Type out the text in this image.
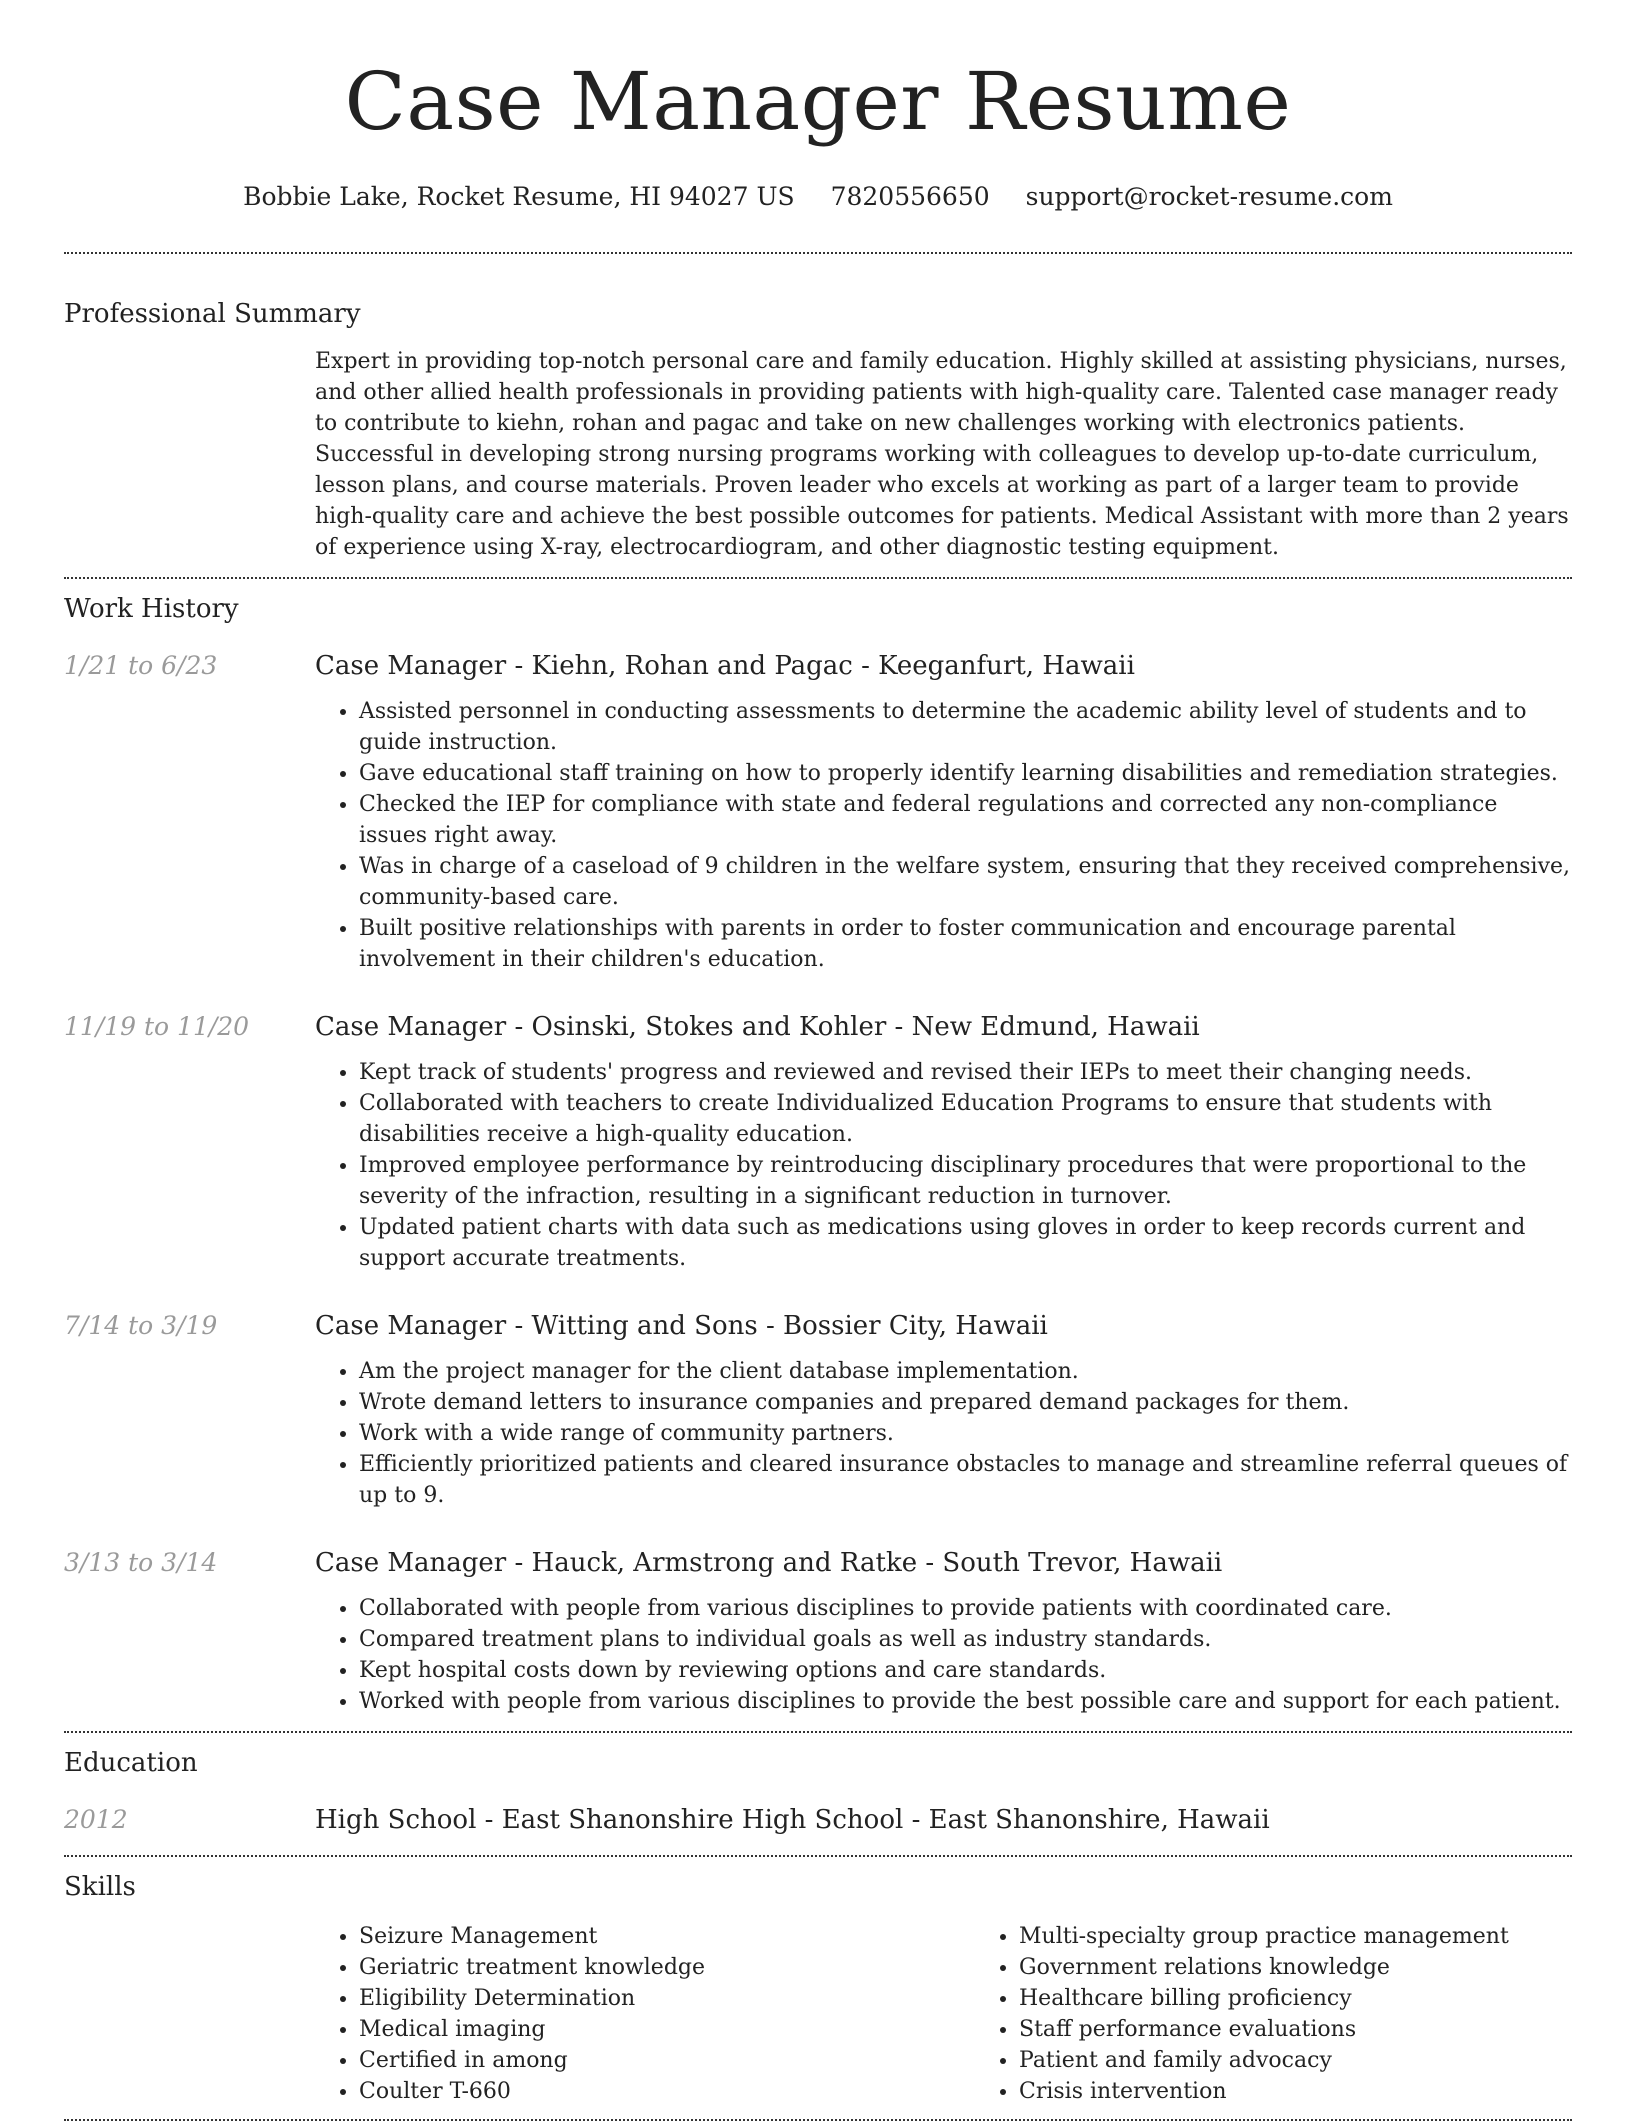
Case Manager Resume
Bobbie Lake, Rocket Resume, HI 94027 US 7820556650 support@rocket-resume.com
Professional Summary
Expert in providing top-notch personal care and family education. Highly skilled at assisting physicians, nurses, and other allied health professionals in providing patients with high-quality care. Talented case manager ready to contribute to kiehn, rohan and pagac and take on new challenges working with electronics patients. Successful in developing strong nursing programs working with colleagues to develop up-to-date curriculum, lesson plans, and course materials. Proven leader who excels at working as part of a larger team to provide high-quality care and achieve the best possible outcomes for patients. Medical Assistant with more than 2 years of experience using X-ray, electrocardiogram, and other diagnostic testing equipment.
Work History
1/21 to 6/23	Case Manager - Kiehn, Rohan and Pagac - Keeganfurt, Hawaii
• Assisted personnel in conducting assessments to determine the academic ability level of students and to guide instruction.
• Gave educational staff training on how to properly identify learning disabilities and remediation strategies.
• Checked the IEP for compliance with state and federal regulations and corrected any non-compliance issues right away.
• Was in charge of a caseload of 9 children in the welfare system, ensuring that they received comprehensive, community-based care.
• Built positive relationships with parents in order to foster communication and encourage parental involvement in their children's education.
11/19 to 11/20	Case Manager - Osinski, Stokes and Kohler - New Edmund, Hawaii
• Kept track of students' progress and reviewed and revised their IEPs to meet their changing needs.
• Collaborated with teachers to create Individualized Education Programs to ensure that students with disabilities receive a high-quality education.
• Improved employee performance by reintroducing disciplinary procedures that were proportional to the severity of the infraction, resulting in a significant reduction in turnover.
• Updated patient charts with data such as medications using gloves in order to keep records current and support accurate treatments.
7/14 to 3/19	Case Manager - Witting and Sons - Bossier City, Hawaii
• Am the project manager for the client database implementation.
• Wrote demand letters to insurance companies and prepared demand packages for them.
• Work with a wide range of community partners.
• Efficiently prioritized patients and cleared insurance obstacles to manage and streamline referral queues of up to 9.
3/13 to 3/14	Case Manager - Hauck, Armstrong and Ratke - South Trevor, Hawaii
• Collaborated with people from various disciplines to provide patients with coordinated care.
• Compared treatment plans to individual goals as well as industry standards.
• Kept hospital costs down by reviewing options and care standards.
• Worked with people from various disciplines to provide the best possible care and support for each patient.
Education
2012	High School - East Shanonshire High School - East Shanonshire, Hawaii
Skills
• Seizure Management
• Geriatric treatment knowledge
• Eligibility Determination
• Medical imaging
• Certified in among
• Coulter T-660
• Multi-specialty group practice management
• Government relations knowledge
• Healthcare billing proficiency
• Staff performance evaluations
• Patient and family advocacy
• Crisis intervention
